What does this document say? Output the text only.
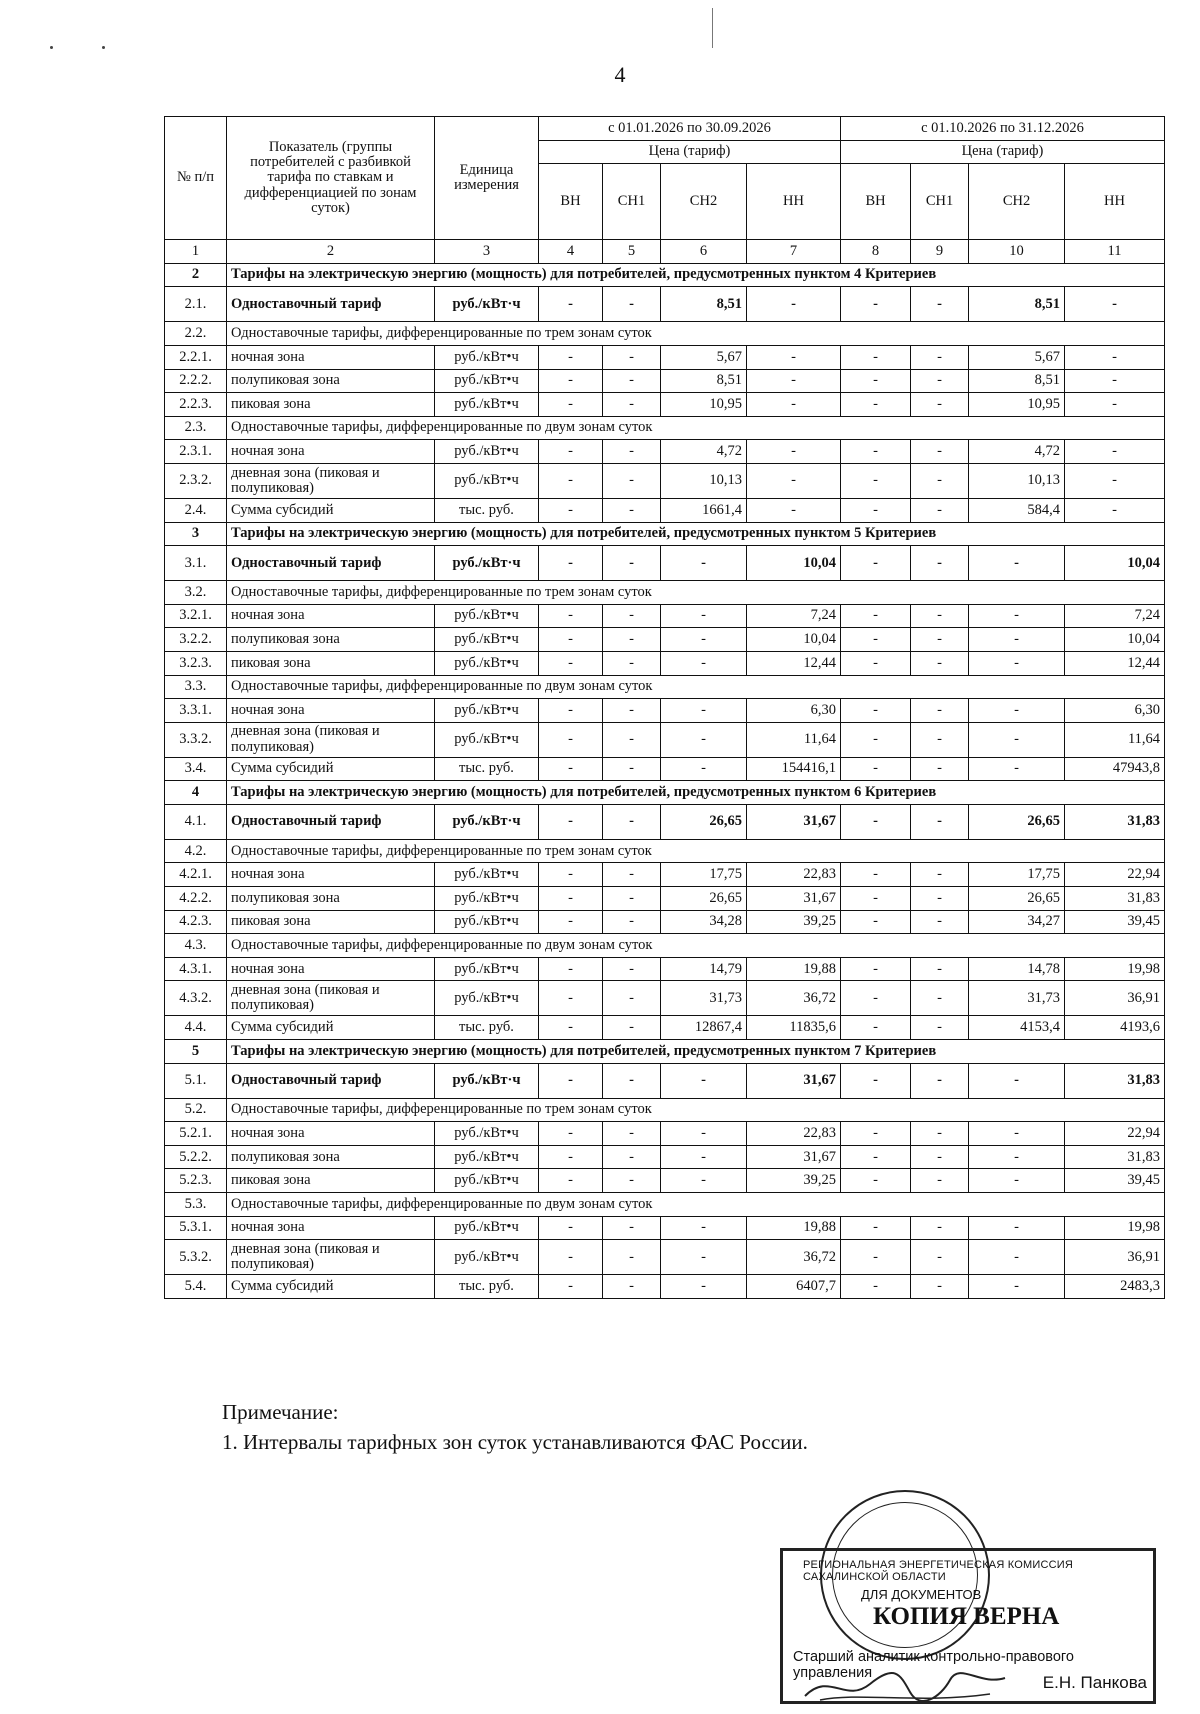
4
№ п/п	Показатель (группы потребителей с разбивкой тарифа по ставкам и дифференциацией по зонам суток)	Единица измерения	с 01.01.2026 по 30.09.2026				с 01.10.2026 по 31.12.2026			
			Цена (тариф)				Цена (тариф)			
			ВН	СН1	СН2	НН	ВН	СН1	СН2	НН
1	2	3	4	5	6	7	8	9	10	11
2	Тарифы на электрическую энергию (мощность) для потребителей, предусмотренных пунктом 4 Критериев									
2.1.	Одноставочный тариф	руб./кВт·ч	-	-	8,51	-	-	-	8,51	-
2.2.	Одноставочные тарифы, дифференцированные по трем зонам суток									
2.2.1.	ночная зона	руб./кВт•ч	-	-	5,67	-	-	-	5,67	-
2.2.2.	полупиковая зона	руб./кВт•ч	-	-	8,51	-	-	-	8,51	-
2.2.3.	пиковая зона	руб./кВт•ч	-	-	10,95	-	-	-	10,95	-
2.3.	Одноставочные тарифы, дифференцированные по двум зонам суток									
2.3.1.	ночная зона	руб./кВт•ч	-	-	4,72	-	-	-	4,72	-
2.3.2.	дневная зона (пиковая и полупиковая)	руб./кВт•ч	-	-	10,13	-	-	-	10,13	-
2.4.	Сумма субсидий	тыс. руб.	-	-	1661,4	-	-	-	584,4	-
3	Тарифы на электрическую энергию (мощность) для потребителей, предусмотренных пунктом 5 Критериев									
3.1.	Одноставочный тариф	руб./кВт·ч	-	-	-	10,04	-	-	-	10,04
3.2.	Одноставочные тарифы, дифференцированные по трем зонам суток									
3.2.1.	ночная зона	руб./кВт•ч	-	-	-	7,24	-	-	-	7,24
3.2.2.	полупиковая зона	руб./кВт•ч	-	-	-	10,04	-	-	-	10,04
3.2.3.	пиковая зона	руб./кВт•ч	-	-	-	12,44	-	-	-	12,44
3.3.	Одноставочные тарифы, дифференцированные по двум зонам суток									
3.3.1.	ночная зона	руб./кВт•ч	-	-	-	6,30	-	-	-	6,30
3.3.2.	дневная зона (пиковая и полупиковая)	руб./кВт•ч	-	-	-	11,64	-	-	-	11,64
3.4.	Сумма субсидий	тыс. руб.	-	-	-	154416,1	-	-	-	47943,8
4	Тарифы на электрическую энергию (мощность) для потребителей, предусмотренных пунктом 6 Критериев									
4.1.	Одноставочный тариф	руб./кВт·ч	-	-	26,65	31,67	-	-	26,65	31,83
4.2.	Одноставочные тарифы, дифференцированные по трем зонам суток									
4.2.1.	ночная зона	руб./кВт•ч	-	-	17,75	22,83	-	-	17,75	22,94
4.2.2.	полупиковая зона	руб./кВт•ч	-	-	26,65	31,67	-	-	26,65	31,83
4.2.3.	пиковая зона	руб./кВт•ч	-	-	34,28	39,25	-	-	34,27	39,45
4.3.	Одноставочные тарифы, дифференцированные по двум зонам суток									
4.3.1.	ночная зона	руб./кВт•ч	-	-	14,79	19,88	-	-	14,78	19,98
4.3.2.	дневная зона (пиковая и полупиковая)	руб./кВт•ч	-	-	31,73	36,72	-	-	31,73	36,91
4.4.	Сумма субсидий	тыс. руб.	-	-	12867,4	11835,6	-	-	4153,4	4193,6
5	Тарифы на электрическую энергию (мощность) для потребителей, предусмотренных пунктом 7 Критериев									
5.1.	Одноставочный тариф	руб./кВт·ч	-	-	-	31,67	-	-	-	31,83
5.2.	Одноставочные тарифы, дифференцированные по трем зонам суток									
5.2.1.	ночная зона	руб./кВт•ч	-	-	-	22,83	-	-	-	22,94
5.2.2.	полупиковая зона	руб./кВт•ч	-	-	-	31,67	-	-	-	31,83
5.2.3.	пиковая зона	руб./кВт•ч	-	-	-	39,25	-	-	-	39,45
5.3.	Одноставочные тарифы, дифференцированные по двум зонам суток									
5.3.1.	ночная зона	руб./кВт•ч	-	-	-	19,88	-	-	-	19,98
5.3.2.	дневная зона (пиковая и полупиковая)	руб./кВт•ч	-	-	-	36,72	-	-	-	36,91
5.4.	Сумма субсидий	тыс. руб.	-	-	-	6407,7	-	-	-	2483,3
Примечание:
1. Интервалы тарифных зон суток устанавливаются ФАС России.
РЕГИОНАЛЬНАЯ ЭНЕРГЕТИЧЕСКАЯ КОМИССИЯ САХАЛИНСКОЙ ОБЛАСТИ
ДЛЯ ДОКУМЕНТОВ
КОПИЯ ВЕРНА
Старший аналитик контрольно-правового управления	Е.Н. Панкова
